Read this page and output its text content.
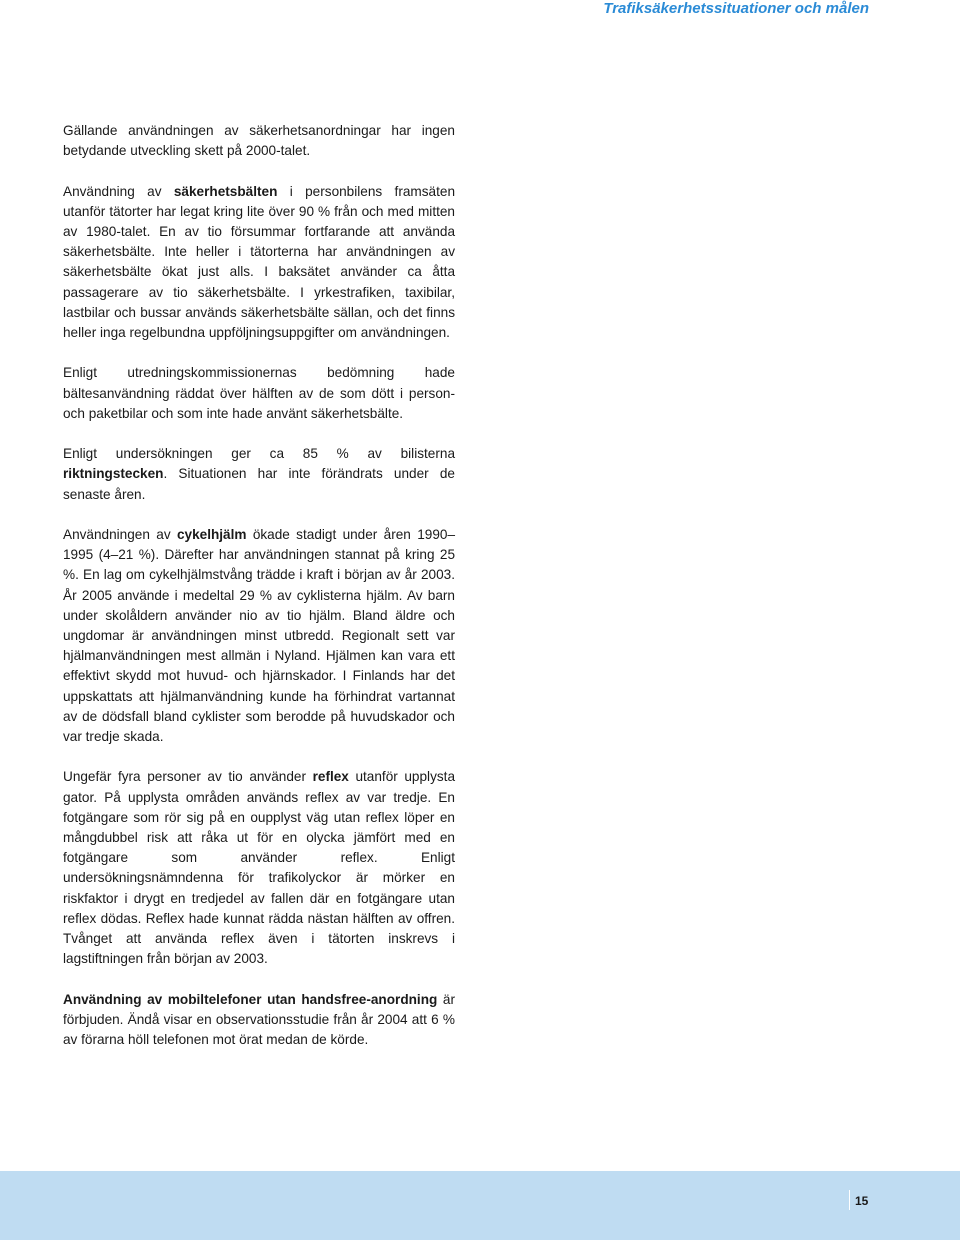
Trafiksäkerhetssituationer och målen

Gällande användningen av säkerhetsanordningar har ingen betydande utveckling skett på 2000-talet.

Användning av säkerhetsbälten i personbilens framsäten utanför tätorter har legat kring lite över 90 % från och med mitten av 1980-talet. En av tio försummar fortfarande att använda säkerhetsbälte. Inte heller i tätorterna har användningen av säkerhetsbälte ökat just alls. I baksätet använder ca åtta passagerare av tio säkerhetsbälte. I yrkestrafiken, taxibilar, lastbilar och bussar används säkerhetsbälte sällan, och det finns heller inga regelbundna uppföljningsuppgifter om användningen.

Enligt utredningskommissionernas bedömning hade bältesanvändning räddat över hälften av de som dött i person- och paketbilar och som inte hade använt säkerhetsbälte.

Enligt undersökningen ger ca 85 % av bilisterna riktningstecken. Situationen har inte förändrats under de senaste åren.

Användningen av cykelhjälm ökade stadigt under åren 1990–1995 (4–21 %). Därefter har användningen stannat på kring 25 %. En lag om cykelhjälmstvång trädde i kraft i början av år 2003. År 2005 använde i medeltal 29 % av cyklisterna hjälm. Av barn under skolåldern använder nio av tio hjälm. Bland äldre och ungdomar är användningen minst utbredd. Regionalt sett var hjälmanvändningen mest allmän i Nyland. Hjälmen kan vara ett effektivt skydd mot huvud- och hjärnskador. I Finlands har det uppskattats att hjälmanvändning kunde ha förhindrat vartannat av de dödsfall bland cyklister som berodde på huvudskador och var tredje skada.

Ungefär fyra personer av tio använder reflex utanför upplysta gator. På upplysta områden används reflex av var tredje. En fotgängare som rör sig på en oupplyst väg utan reflex löper en mångdubbel risk att råka ut för en olycka jämfört med en fotgängare som använder reflex. Enligt undersökningsnämndenna för trafikolyckor är mörker en riskfaktor i drygt en tredjedel av fallen där en fotgängare utan reflex dödas. Reflex hade kunnat rädda nästan hälften av offren. Tvånget att använda reflex även i tätorten inskrevs i lagstiftningen från början av 2003.

Användning av mobiltelefoner utan handsfree-anordning är förbjuden. Ändå visar en observationsstudie från år 2004 att 6 % av förarna höll telefonen mot örat medan de körde.

15
